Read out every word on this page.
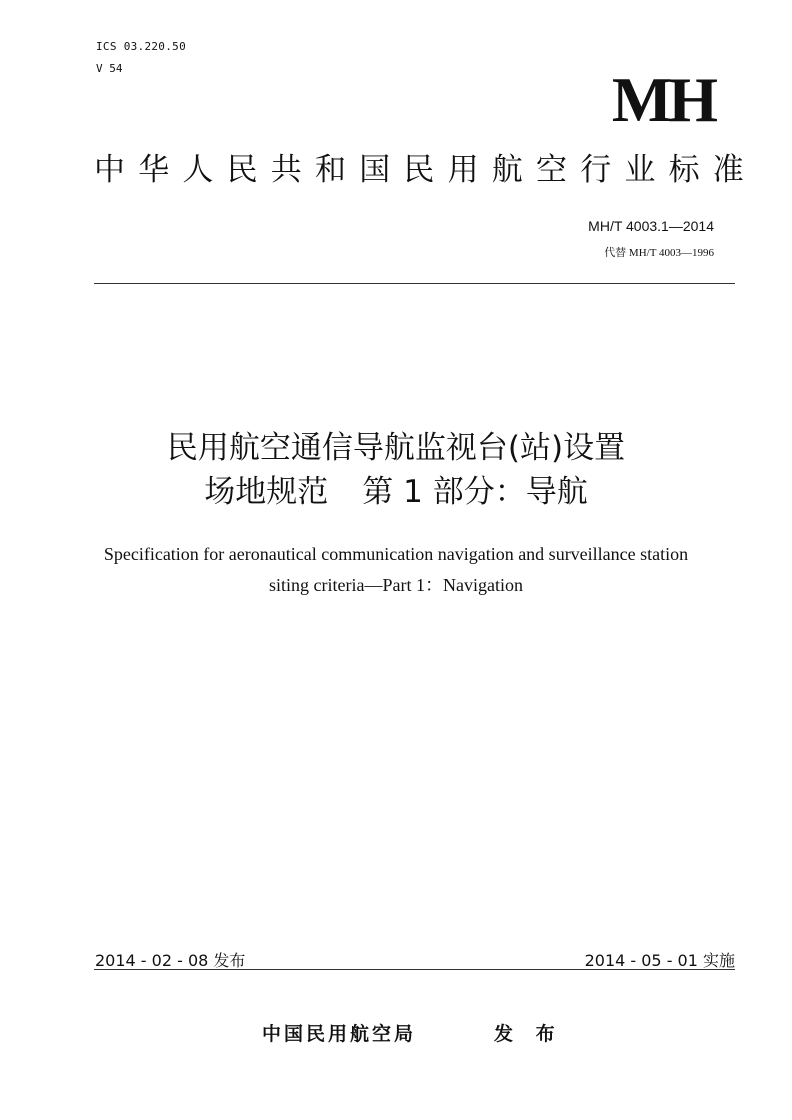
ICS 03.220.50
V 54	MH
中华人民共和国民用航空行业标准
MH/T 4003.1—2014
代替 MH/T 4003—1996
民用航空通信导航监视台(站)设置
场地规范 第 1 部分：导航
Specification for aeronautical communication navigation and surveillance station
siting criteria—Part 1：Navigation
2014 - 02 - 08 发布	2014 - 05 - 01 实施
中国民用航空局	发 布
